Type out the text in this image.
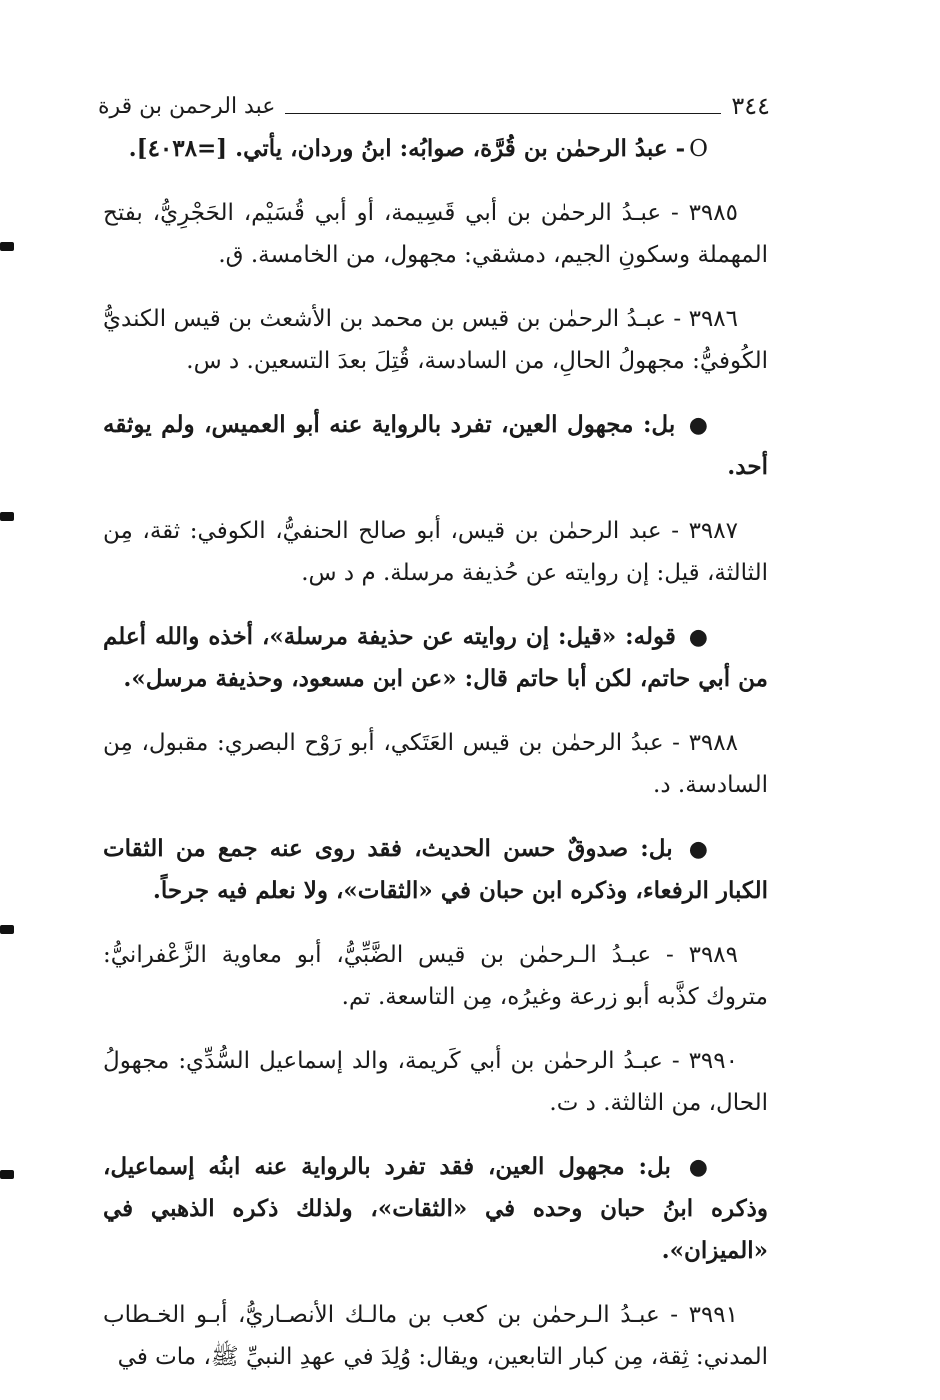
٣٤٤
عبد الرحمن بن قرة

O- عبدُ الرحمٰن بن قُرَّة، صوابُه: ابنُ وردان، يأتي. [=٤٠٣٨].

٣٩٨٥ - عبـدُ الرحمٰن بن أبي قَسِيمة، أو أبي قُسَيْم، الحَجْرِيُّ، بفتح المهملة وسكونِ الجيم، دمشقي: مجهول، من الخامسة. ق.

٣٩٨٦ - عبـدُ الرحمٰن بن قيس بن محمد بن الأشعث بن قيس الكنديُّ الكُوفيُّ: مجهولُ الحالِ، من السادسة، قُتِلَ بعدَ التسعين. د س.

● بل: مجهول العين، تفرد بالرواية عنه أبو العميس، ولم يوثقه أحد.

٣٩٨٧ - عبد الرحمٰن بن قيس، أبو صالح الحنفيُّ، الكوفي: ثقة، مِن الثالثة، قيل: إن روايته عن حُذيفة مرسلة. م د س.

● قوله: «قيل: إن روايته عن حذيفة مرسلة»، أخذه والله أعلم من أبي حاتم، لكن أبا حاتم قال: «عن ابن مسعود، وحذيفة مرسل».

٣٩٨٨ - عبدُ الرحمٰن بن قيس العَتَكي، أبو رَوْح البصري: مقبول، مِن السادسة. د.

● بل: صدوقٌ حسن الحديث، فقد روى عنه جمع من الثقات الكبار الرفعاء، وذكره ابن حبان في «الثقات»، ولا نعلم فيه جرحاً.

٣٩٨٩ - عبـدُ الـرحمٰن بن قيس الضَّبِّيُّ، أبو معاوية الزَّعْفرانيُّ: متروك كذَّبه أبو زرعة وغيرُه، مِن التاسعة. تم.

٣٩٩٠ - عبـدُ الرحمٰن بن أبي كَريمة، والد إسماعيل السُّدِّي: مجهولُ الحال، من الثالثة. د ت.

● بل: مجهول العين، فقد تفرد بالرواية عنه ابنُه إسماعيل، وذكره ابنُ حبان وحده في «الثقات»، ولذلك ذكره الذهبي في «الميزان».

٣٩٩١ - عبـدُ الـرحمٰن بن كعب بن مالـك الأنصـاريُّ، أبـو الخـطاب المدني: ثِقة، مِن كبار التابعين، ويقال: وُلِدَ في عهدِ النبيِّ ﷺ، مات في
